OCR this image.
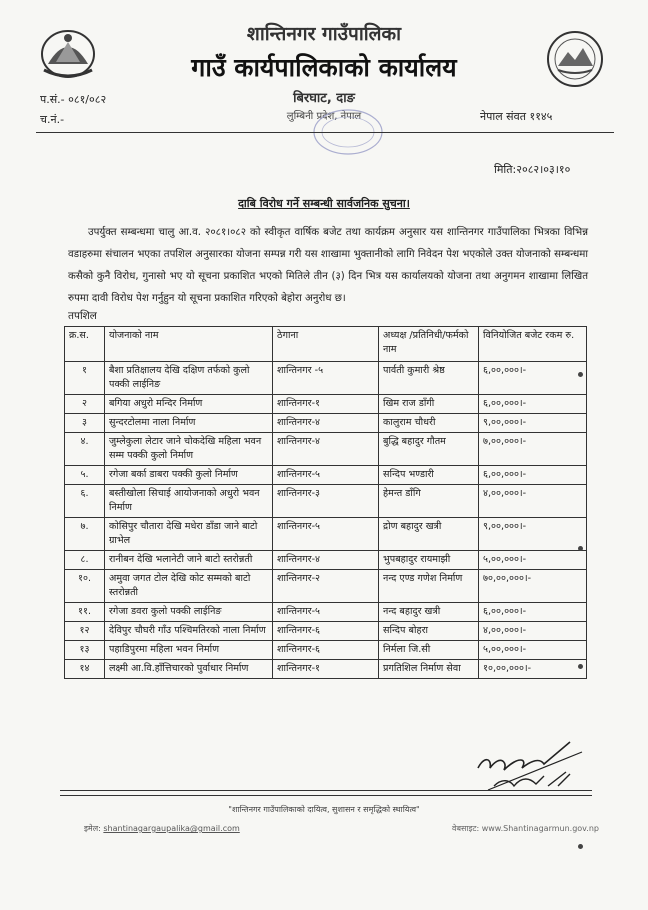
शान्तिनगर गाउँपालिका
गाउँ कार्यपालिकाको कार्यालय
बिरघाट, दाङ
लुम्बिनी प्रदेश, नेपाल
प.सं.- ०८१/०८२
च.नं.-	नेपाल संवत ११४५
मिति:२०८२।०३।१०
दाबि विरोध गर्ने सम्बन्धी सार्वजनिक सुचना।
उपर्युक्त सम्बन्धमा चालु आ.व. २०८१।०८२ को स्वीकृत वार्षिक बजेट तथा कार्यक्रम अनुसार यस शान्तिनगर गाउँपालिका भित्रका विभिन्न वडाहरुमा संचालन भएका तपशिल अनुसारका योजना सम्पन्न गरी यस शाखामा भुक्तानीको लागि निवेदन पेश भएकोले उक्त योजनाको सम्बन्धमा कसैको कुनै विरोध, गुनासो भए यो सूचना प्रकाशित भएको मितिले तीन (३) दिन भित्र यस कार्यालयको योजना तथा अनुगमन शाखामा लिखित रुपमा दावी विरोध पेश गर्नुहुन यो सूचना प्रकाशित गरिएको बेहोरा अनुरोध छ।
तपशिल
क्र.स.	योजनाको नाम	ठेगाना	अध्यक्ष /प्रतिनिधी/फर्मको नाम	विनियोजित बजेट रकम रु.
१	बैशा प्रतिक्षालय देखि दक्षिण तर्फको कुलो पक्की लाईनिङ	शान्तिनगर -५	पार्वती कुमारी श्रेष्ठ	६,००,०००।-
२	बगिया अधुरो मन्दिर निर्माण	शान्तिनगर-१	खिम राज डाँगी	६,००,०००।-
३	सुन्दरटोलमा नाला निर्माण	शान्तिनगर-४	कालुराम चौधरी	९,००,०००।-
४.	जुम्लेकुला लेटार जाने चोकदेखि महिला भवन सम्म पक्की कुलो निर्माण	शान्तिनगर-४	बुद्धि बहादुर गौतम	७,००,०००।-
५.	रगेजा बर्का डाबरा पक्की कुलो निर्माण	शान्तिनगर-५	सन्दिप भण्डारी	६,००,०००।-
६.	बस्तीखोला सिचाई आयोजनाको अधुरो भवन निर्माण	शान्तिनगर-३	हेमन्त डाँगि	४,००,०००।-
७.	कोसिपुर चौतारा देखि मधेरा डाँडा जाने बाटो ग्राभेल	शान्तिनगर-५	द्रोण बहादुर खत्री	९,००,०००।-
८.	रानीबन देखि भलानेटी जाने बाटो स्तरोन्नती	शान्तिनगर-४	भुपबहादुर रायमाझी	५,००,०००।-
१०.	अमुवा जगत टोल देखि कोट सम्मको बाटो स्तरोन्नती	शान्तिनगर-२	नन्द एण्ड गणेश निर्माण	७०,००,०००।-
११.	रगेजा डवरा कुलो पक्की लाईनिङ	शान्तिनगर-५	नन्द बहादुर खत्री	६,००,०००।-
१२	देविपुर चौघरी गाँउ पश्चिमतिरको नाला निर्माण	शान्तिनगर-६	सन्दिप बोहरा	४,००,०००।-
१३	पहाडिपुरमा महिला भवन निर्माण	शान्तिनगर-६	निर्मला जि.सी	५,००,०००।-
१४	लक्ष्मी आ.वि.हाँत्तिचारको पुर्वाधार निर्माण	शान्तिनगर-१	प्रगतिशिल निर्माण सेवा	१०,००,०००।-
"शान्तिनगर गाउँपालिकाको दायित्व, सुशासन र समृद्धिको स्थायित्व"
इमेल: shantinagargaupalika@gmail.com	वेबसाइट: www.Shantinagarmun.gov.np
